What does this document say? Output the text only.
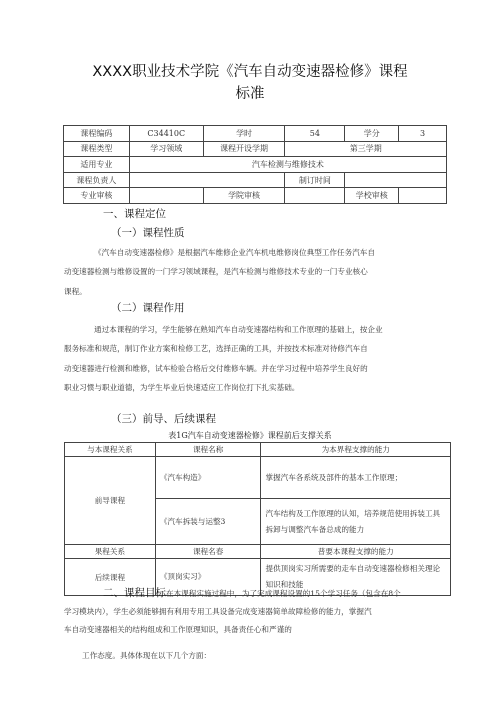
XXXX职业技术学院《汽车自动变速器检修》课程
标准
课程编码	C34410C	学时	54	学分	3
课程类型	学习领域	课程开设学期	第三学期		
适用专业	汽车检测与维修技术				
课程负责人			制订时间		
专业审核		学院审核		学校审核	
一、课程定位
（一）课程性质
《汽车自动变速器检修》是根据汽车维修企业汽车机电维修岗位典型工作任务汽车自
动变速器检测与维修设置的一门学习领域课程，是汽车检测与维修技术专业的一门专业核心
课程。
（二）课程作用
通过本课程的学习，学生能够在熟知汽车自动变速器结构和工作原理的基础上，按企业
服务标准和规范，制订作业方案和检修工艺，选择正确的工具，并按技术标准对待修汽车自
动变速器进行检测和维修，试车检验合格后交付维修车辆。并在学习过程中培养学生良好的
职业习惯与职业道德，为学生毕业后快速适应工作岗位打下扎实基础。
（三）前导、后续课程
表1G汽车自动变速器检修》课程前后支撑关系
与本课程关系	课程名称	为本界程支撑的能力
前导课程	《汽车构造》	掌握汽车各系统及部件的基本工作原理；
	《汽车拆装与运整3	汽车结构及工作原理的认知，培养规范使用拆装工具拆卸与调整汽车备总成的能力
果程关系	课程名春	普要本课程支撑的能力
后续课程	《顶岗实习》	提供顶岗实习所需要的走车自动变速器检修相关理论知识和技能
二、课程目标在本课程实施过程中，为了完成课程设置的15个学习任务（包含在8个
学习模块内），学生必须能够拥有利用专用工具设备完成变速器简单故障检修的能力，掌握汽
车自动变速器相关的结构组成和工作原理知识，具备责任心和严谨的
工作态度。具体体现在以下几个方面：
